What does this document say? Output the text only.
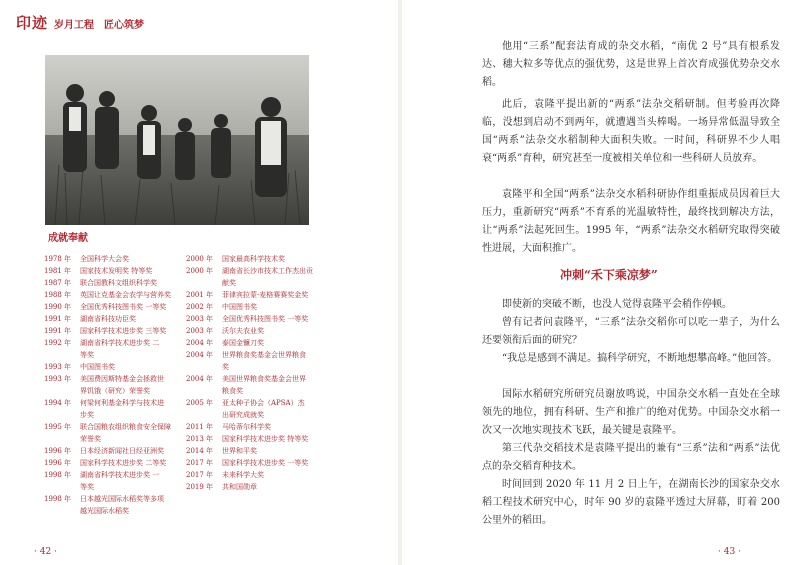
印迹 岁月工程　匠心筑梦
成就奉献
1978 年	全国科学大会奖
1981 年	国家技术发明奖 特等奖
1987 年	联合国教科文组织科学奖
1988 年	英国让克基金会农学与营养奖
1990 年	全国优秀科技图书奖 一等奖
1991 年	湖南省科技功臣奖
1991 年	国家科学技术进步奖 三等奖
1992 年	湖南省科学技术进步奖 二
等奖
1993 年	中国图书奖
1993 年	美国费因斯特基金会拯救世
界饥饿（研究）荣誉奖
1994 年	何梁何利基金科学与技术进
步奖
1995 年	联合国粮农组织粮食安全保障
荣誉奖
1996 年	日本经济新闻社日经亚洲奖
1996 年	国家科学技术进步奖 二等奖
1998 年	湖南省科学技术进步奖 一
等奖
1998 年	日本越光国际水稻奖等多项
越光国际水稻奖
2000 年	国家最高科学技术奖
2000 年	湖南省长沙市技术工作杰出贡
献奖
2001 年	菲律宾拉蒙·麦格赛赛奖金奖
2002 年	中国图书奖
2003 年	全国优秀科技图书奖 一等奖
2003 年	沃尔夫农业奖
2004 年	泰国金镰刀奖
2004 年	世界粮食奖基金会世界粮食
奖
2004 年	美国世界粮食奖基金会世界
粮食奖
2005 年	亚太种子协会（APSA）杰
出研究成就奖
2011 年	马哈蒂尔科学奖
2013 年	国家科学技术进步奖 特等奖
2014 年	世界和平奖
2017 年	国家科学技术进步奖 一等奖
2017 年	未来科学大奖
2019 年	共和国勋章
· 42 ·

他用“三系”配套法育成的杂交水稻，“南优 2 号”具有根系发达、穗大粒多等优点的强优势，这是世界上首次育成强优势杂交水稻。

此后，袁隆平提出新的“两系”法杂交稻研制。但考验再次降临，没想到启动不到两年，就遭遇当头棒喝。一场异常低温导致全国“两系”法杂交水稻制种大面积失败。一时间，科研界不少人唱衰“两系”育种，研究甚至一度被相关单位和一些科研人员放弃。

袁隆平和全国“两系”法杂交水稻科研协作组重振成员因着巨大压力，重新研究“两系”不育系的光温敏特性，最终找到解决方法，让“两系”法起死回生。1995 年，“两系”法杂交水稻研究取得突破性进展，大面积推广。

冲刺“禾下乘凉梦”

即使新的突破不断，也没人觉得袁隆平会稍作停顿。

曾有记者问袁隆平，“三系”法杂交稻你可以吃一辈子，为什么还要领衔后面的研究？

“我总是感到不满足。搞科学研究，不断地想攀高峰。”他回答。

国际水稻研究所研究员谢放鸣说，中国杂交水稻一直处在全球领先的地位，拥有科研、生产和推广的绝对优势。中国杂交水稻一次又一次地实现技术飞跃，最关键是袁隆平。

第三代杂交稻技术是袁隆平提出的兼有“三系”法和“两系”法优点的杂交稻育种技术。

时间回到 2020 年 11 月 2 日上午，在湖南长沙的国家杂交水稻工程技术研究中心，时年 90 岁的袁隆平透过大屏幕，盯着 200 公里外的稻田。

· 43 ·
